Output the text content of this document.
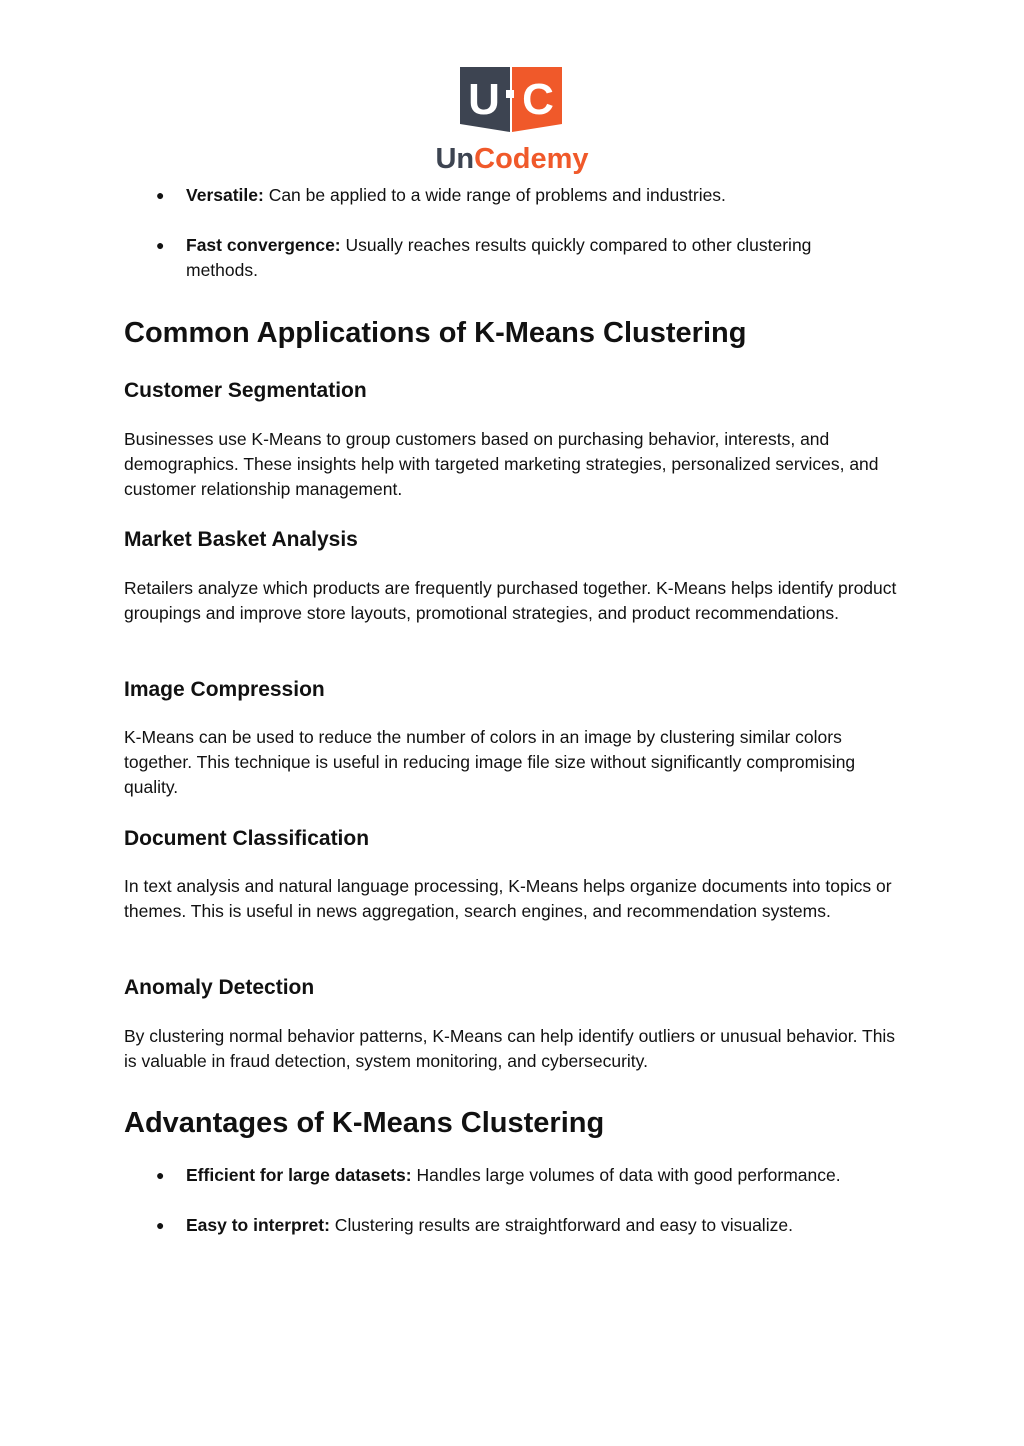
U C
UnCodemy
● Versatile: Can be applied to a wide range of problems and industries.
● Fast convergence: Usually reaches results quickly compared to other clustering methods.
Common Applications of K-Means Clustering
Customer Segmentation

Businesses use K-Means to group customers based on purchasing behavior, interests, and demographics. These insights help with targeted marketing strategies, personalized services, and customer relationship management.

Market Basket Analysis

Retailers analyze which products are frequently purchased together. K-Means helps identify product groupings and improve store layouts, promotional strategies, and product recommendations.

Image Compression

K-Means can be used to reduce the number of colors in an image by clustering similar colors together. This technique is useful in reducing image file size without significantly compromising quality.

Document Classification

In text analysis and natural language processing, K-Means helps organize documents into topics or themes. This is useful in news aggregation, search engines, and recommendation systems.

Anomaly Detection

By clustering normal behavior patterns, K-Means can help identify outliers or unusual behavior. This is valuable in fraud detection, system monitoring, and cybersecurity.

Advantages of K-Means Clustering
● Efficient for large datasets: Handles large volumes of data with good performance.
● Easy to interpret: Clustering results are straightforward and easy to visualize.
